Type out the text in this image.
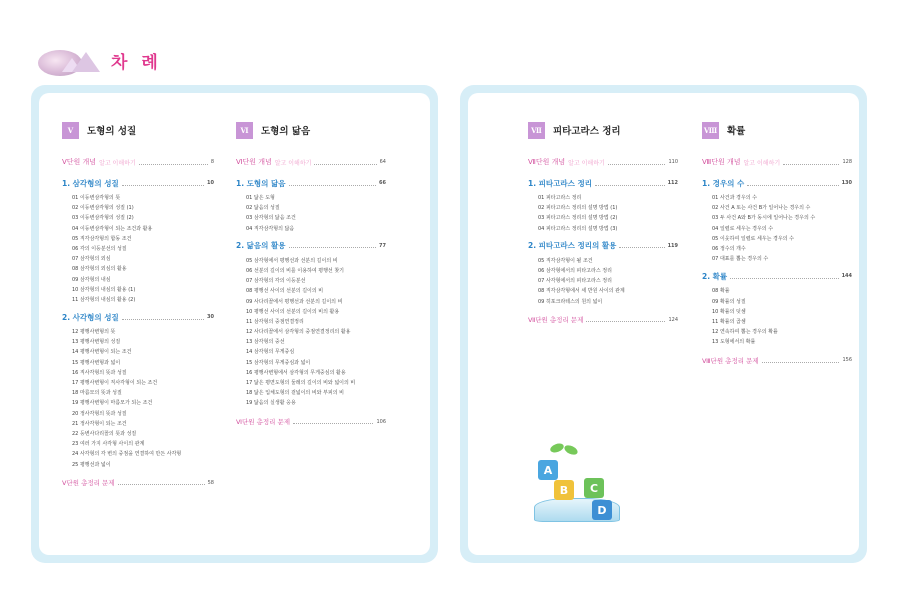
차 례
Ⅴ	도형의 성질
Ⅴ단원 개념 알고 이해하기	8
1. 삼각형의 성질	10
01 이등변삼각형의 뜻
02 이등변삼각형의 성질 (1)
03 이등변삼각형의 성질 (2)
04 이등변삼각형이 되는 조건과 활용
05 직각삼각형의 합동 조건
06 각의 이등분선의 성질
07 삼각형의 외심
08 삼각형의 외심의 활용
09 삼각형의 내심
10 삼각형의 내심의 활용 (1)
11 삼각형의 내심의 활용 (2)
2. 사각형의 성질	30
12 평행사변형의 뜻
13 평행사변형의 성질
14 평행사변형이 되는 조건
15 평행사변형과 넓이
16 직사각형의 뜻과 성질
17 평행사변형이 직사각형이 되는 조건
18 마름모의 뜻과 성질
19 평행사변형이 마름모가 되는 조건
20 정사각형의 뜻과 성질
21 정사각형이 되는 조건
22 등변사다리꼴의 뜻과 성질
23 여러 가지 사각형 사이의 관계
24 사각형의 각 변의 중점을 연결하여 만든 사각형
25 평행선과 넓이
Ⅴ단원 총정리 문제	58
Ⅵ	도형의 닮음
Ⅵ단원 개념 알고 이해하기	64
1. 도형의 닮음	66
01 닮은 도형
02 닮음의 성질
03 삼각형의 닮음 조건
04 직각삼각형의 닮음
2. 닮음의 활용	77
05 삼각형에서 평행선과 선분의 길이의 비
06 선분의 길이의 비를 이용하여 평행선 찾기
07 삼각형의 각의 이등분선
08 평행선 사이의 선분의 길이의 비
09 사다리꼴에서 평행선과 선분의 길이의 비
10 평행선 사이의 선분의 길이의 비의 활용
11 삼각형의 중점연결정리
12 사다리꼴에서 삼각형의 중점연결정리의 활용
13 삼각형의 중선
14 삼각형의 무게중심
15 삼각형의 무게중심과 넓이
16 평행사변형에서 삼각형의 무게중심의 활용
17 닮은 평면도형의 둘레의 길이의 비와 넓이의 비
18 닮은 입체도형의 겉넓이의 비와 부피의 비
19 닮음의 실생활 응용
Ⅵ단원 총정리 문제	106
Ⅶ	피타고라스 정리
Ⅶ단원 개념 알고 이해하기	110
1. 피타고라스 정리	112
01 피타고라스 정리
02 피타고라스 정리의 설명 방법 (1)
03 피타고라스 정리의 설명 방법 (2)
04 피타고라스 정리의 설명 방법 (3)
2. 피타고라스 정리의 활용	119
05 직각삼각형이 될 조건
06 삼각형에서의 피타고라스 정리
07 사각형에서의 피타고라스 정리
08 직각삼각형에서 세 반원 사이의 관계
09 히포크라테스의 원의 넓이
Ⅶ단원 총정리 문제	124
Ⅷ 확률
Ⅷ단원 개념 알고 이해하기	128
1. 경우의 수	130
01 사건과 경우의 수
02 사건 A 또는 사건 B가 일어나는 경우의 수
03 두 사건 A와 B가 동시에 일어나는 경우의 수
04 일렬로 세우는 경우의 수
05 이웃하여 일렬로 세우는 경우의 수
06 정수의 개수
07 대표를 뽑는 경우의 수
2. 확률	144
08 확률
09 확률의 성질
10 확률의 덧셈
11 확률의 곱셈
12 연속하여 뽑는 경우의 확률
13 도형에서의 확률
Ⅷ단원 총정리 문제	156
A
B	C
D
